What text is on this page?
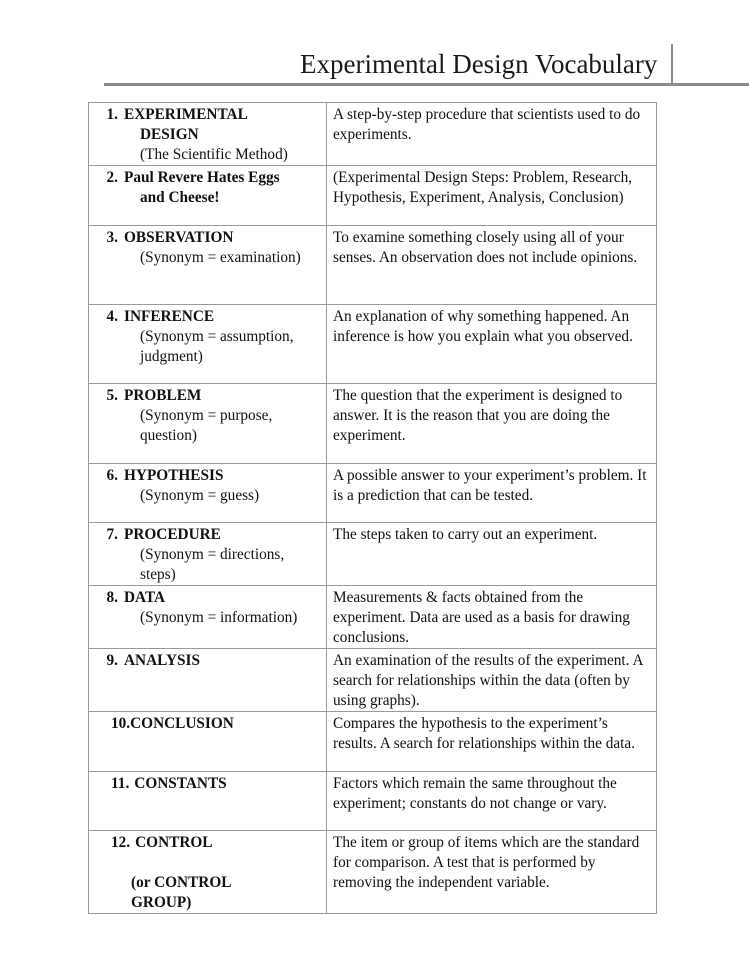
Experimental Design Vocabulary
1. EXPERIMENTAL
DESIGN
(The Scientific Method)	A step-by-step procedure that scientists used to do experiments.

2. Paul Revere Hates Eggs
and Cheese!	(Experimental Design Steps: Problem, Research, Hypothesis, Experiment, Analysis, Conclusion)

3. OBSERVATION
(Synonym = examination)	To examine something closely using all of your senses. An observation does not include opinions.

4. INFERENCE
(Synonym = assumption,
judgment)	An explanation of why something happened. An inference is how you explain what you observed.

5. PROBLEM
(Synonym = purpose,
question)	The question that the experiment is designed to answer. It is the reason that you are doing the experiment.

6. HYPOTHESIS
(Synonym = guess)	A possible answer to your experiment’s problem. It is a prediction that can be tested.

7. PROCEDURE
(Synonym = directions,
steps)	The steps taken to carry out an experiment.

8. DATA
(Synonym = information)	Measurements & facts obtained from the experiment. Data are used as a basis for drawing conclusions.

9. ANALYSIS	An examination of the results of the experiment. A search for relationships within the data (often by using graphs).

10. CONCLUSION	Compares the hypothesis to the experiment’s results. A search for relationships within the data.

11. CONSTANTS	Factors which remain the same throughout the experiment; constants do not change or vary.

12. CONTROL
(or CONTROL
GROUP)	The item or group of items which are the standard for comparison. A test that is performed by removing the independent variable.
